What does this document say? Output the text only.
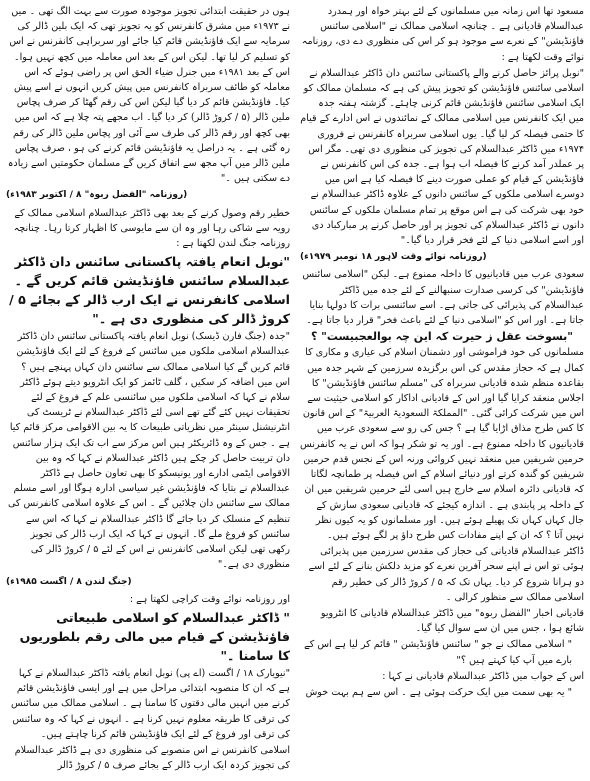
مسعود تھا اس زمانہ میں مسلمانوں کے لئے بہتر خواہ اور ہمدرد عبدالسلام قادیانی ہے ۔ چنانچہ اسلامی ممالک نے "اسلامی سائنس فاؤنڈیشن" کے نعرے سے موجود ہو کر اس کی منظوری دے دی، روزنامہ نوائے وقت لکھتا ہے :

"نوبل پرائز حاصل کرنے والے پاکستانی سائنس دان ڈاکٹر عبدالسلام نے اسلامی سائنس فاؤنڈیشن کو تجویز پیش کی ہے کہ مسلمان ممالک کو ایک اسلامی سائنس فاؤنڈیشن قائم کرنی چاہئے۔ گزشتہ ہفتہ جدہ میں ایک کانفرنس میں اسلامی ممالک کے نمائندوں نے اس ادارے کے قیام کا حتمی فیصلہ کر لیا گیا۔ یوں اسلامی سربراہ کانفرنس نے فروری ۱۹۷۴ء میں ڈاکٹر عبدالسلام کی تجویز کی منظوری دی تھی۔ مگر اس پر عملدر آمد کرنے کا فیصلہ اب ہوا ہے۔ جدہ کی اس کانفرنس نے فاؤنڈیشن کے قیام کو عملی صورت دینے کا فیصلہ کیا ہے اس میں دوسرے اسلامی ملکوں کے سائنس دانوں کے علاوہ ڈاکٹر عبدالسلام نے خود بھی شرکت کی ہے اس موقع پر تمام مسلمان ملکوں کے سائنس دانوں نے ڈاکٹر عبدالسلام کی تجویز پر اور حاصل کرنے پر مبارکباد دی اور اسے اسلامی دنیا کے لئے فخر قرار دیا گیا۔"

(روزنامہ نوائے وقت لاہور ۱۸ نومبر ۱۹۷۹ء)

سعودی عرب میں قادیانیوں کا داخلہ ممنوع ہے۔ لیکن "اسلامی سائنس فاؤنڈیشن" کی کرسی صدارت سنبھالنے کے لئے جدہ میں ڈاکٹر عبدالسلام کی پذیرائی کی جاتی ہے۔ اسے سائنسی برات کا دولہا بنایا جاتا ہے۔ اور اس کو "اسلامی دنیا کے لئے باعث فخر" قرار دیا جاتا ہے۔

"بسوخت عقل ز حیرت کہ این چہ بوالعجبیست" ؟

مسلمانوں کی خود فراموشی اور دشمنان اسلام کی عیاری و مکاری کا کمال ہے کہ حجاز مقدس کی اس برگزیدہ سرزمین کے شہر جدہ میں بقاعدہ منظم شدہ قادیانی سربراہ کی "مسلم سائنس فاؤنڈیشن" کا اجلاس منعقد کرایا گیا اور اس کے قادیانی اداکار کو اسلامی حیثیت سے اس میں شرکت کرائی گئی۔ "المملکۃ السعودیۃ العربیۃ" کے اس قانون کا کس طرح مذاق اڑایا گیا ہے ؟ جس کی رو سے سعودی عرب میں قادیانیوں کا داخلہ ممنوع ہے۔ اور یہ تو شکر ہوا کہ اس نے یہ کانفرنس حرمین شریفین میں منعقد نہیں کروائی ورنہ اس کے نجس قدم حرمین شریفین کو گندہ کرتے اور دنیائے اسلام کے اس فیصلہ پر طمانچہ لگاتا کہ قادیانی دائرہ اسلام سے خارج ہیں اسی لئے حرمین شریفین میں ان کے داخلہ پر پابندی ہے ۔ اندازہ کیجئے کہ قادیانی سعودی سازش کے جال کہاں کہاں تک پھیلے ہوئے ہیں۔ اور مسلمانوں کو یہ کیوں نظر نہیں آتا ؟ کہ ان کے اپنے مفادات کس طرح داؤ پر لگے ہوئے ہیں۔

ڈاکٹر عبدالسلام قادیانی کی حجاز کی مقدس سرزمین میں پذیرائی ہوئی تو اس نے اپنے سحر آفرین نعرے کو مزید دلکش بنانے کے لئے اسے دو ہرانا شروع کر دیا۔ یہاں تک کہ ۵ / کروڑ ڈالر کی خطیر رقم اسلامی ممالک سے منظور کرالی ۔

قادیانی اخبار "الفضل ربوہ" میں ڈاکٹر عبدالسلام قادیانی کا انٹرویو شائع ہوا ، جس میں ان سے سوال کیا گیا۔

" اسلامی ممالک نے جو " سائنس فاؤنڈیشن " قائم کر لیا ہے اس کے بارے میں آپ کیا کہتے ہیں ؟"

اس کے جواب میں ڈاکٹر عبدالسلام قادیانی نے کہا :

" یہ بھی سمت میں ایک حرکت ہوئی ہے ۔ اس سے ہم بہت خوش

ہوں در حقیقت ابتدائی تجویز موجودہ صورت سے بہت الگ تھی ۔ میں نے ۱۹۷۳ء میں مشرق کانفرنس کو یہ تجویز تھی کہ ایک بلین ڈالر کی سرمایہ سے ایک فاؤنڈیشن قائم کیا جائے اور سربراہی کانفرنس نے اس کو تسلیم کر لیا تھا۔ لیکن اس کے بعد اس معاملہ میں کچھ نہیں ہوا۔ اس کے بعد ۱۹۸۱ء میں جنرل ضیاء الحق اس پر راضی ہوئے کہ اس معاملہ کو طائف سربراہ کانفرنس میں پیش کریں انہوں نے اسے پیش کیا۔ فاؤنڈیشن قائم کر دیا گیا لیکن اس کی رقم گھٹا کر صرف پچاس ملین ڈالر (۵ / کروڑ ڈالر) کر دیا گیا۔ اب مجھے پتہ چلا ہے کہ اس میں بھی کچھ اور رقم ڈالر کی طرف سے آئی اور پچاس ملین ڈالر کی رقم رہ گئی ہے ۔ یہ دراصل یہ فاؤنڈیشن قائم کرنے کی ہو ، صرف پچاس ملین ڈالر میں آپ مجھ سے اتفاق کریں گے مسلمان حکومتیں اسے زیادہ دے سکتی ہیں ۔"

(روزنامہ "الفضل ربوہ" ۸ / اکتوبر ۱۹۸۳ء)

خطیر رقم وصول کرنے کے بعد بھی ڈاکٹر عبدالسلام اسلامی ممالک کے رویہ سے شاکی رہا اور وہ ان سے مایوسی کا اظہار کرتا رہا۔ چنانچہ روزنامہ جنگ لندن لکھتا ہے :

"نوبل انعام یافتہ پاکستانی سائنس دان ڈاکٹر عبدالسلام سائنس فاؤنڈیشن قائم کریں گے ۔ اسلامی کانفرنس نے ایک ارب ڈالر کے بجائے ۵ / کروڑ ڈالر کی منظوری دی ہے ۔"

"جدہ (جنگ فارن ڈیسک) نوبل انعام یافتہ پاکستانی سائنس دان ڈاکٹر عبدالسلام اسلامی ملکوں میں سائنس کے فروغ کے لئے ایک فاؤنڈیشن قائم کریں گے کیا اسلامی ممالک سے سائنس دان کہاں پہنچے ہیں ؟ اس میں اضافہ کر سکیں ، گلف ٹائمز کو ایک انٹرویو دیتے ہوئے ڈاکٹر سلام نے کہا کہ اسلامی ملکوں میں سائنسی علم کے فروغ کے لئے تحقیقات نہیں کئے گئے تھے اسی لئے ڈاکٹر عبدالسلام نے ٹریسٹ کی انٹرنیشنل سینٹر میں نظریاتی طبیعات کا یہ بین الاقوامی مرکز قائم کیا ہے ۔ جس کے وہ ڈائریکٹر ہیں اس مرکز سے اب تک ایک ہزار سائنس دان تربیت حاصل کر چکے ہیں ڈاکٹر عبدالسلام نے کہا کہ وہ بین الاقوامی ایٹمی ادارے اور یونیسکو کا بھی تعاون حاصل ہے ڈاکٹر عبدالسلام نے بتایا کہ فاؤنڈیشن غیر سیاسی ادارہ ہوگا اور اسے مسلم ممالک سے سائنس دان چلائیں گے ۔ اس کے علاوہ اسلامی کانفرنس کی تنظیم کے منسلک کر دیا جائے گا ڈاکٹر عبدالسلام نے کہا کہ اس سے سائنس کو فروغ ملے گا۔ انہوں نے کہا کہ ایک ارب ڈالر کی تجویز رکھی تھی لیکن اسلامی کانفرنس نے اس کے لئے ۵ / کروڑ ڈالر کی منظوری دی ہے۔"

(جنگ لندن ۸ / اگست ۱۹۸۵ء)

اور روزنامہ نوائے وقت کراچی لکھتا ہے :

" ڈاکٹر عبدالسلام کو اسلامی طبیعاتی فاؤنڈیشن کے قیام میں مالی رقم بلطوریوں کا سامنا ۔"

"نیویارک ۱۸ / اگست (اے پی) نوبل انعام یافتہ ڈاکٹر عبدالسلام نے کہا ہے کہ ان کا منصوبہ ابتدائی مراحل میں ہے اور ایسی فاؤنڈیشن قائم کرنے میں انہیں مالی دقتوں کا سامنا ہے ۔ اسلامی ممالک میں سائنس کی ترقی کا طریقہ معلوم نہیں کرنا ہے ۔ انہوں نے کہا کہ وہ سائنس کی ترقی اور فروغ کے لئے ایک فاؤنڈیشن قائم کرنا چاہتے ہیں۔

اسلامی کانفرنس نے اس منصوبے کی منظوری دی ہے ڈاکٹر عبدالسلام کی تجویز کردہ ایک ارب ڈالر کے بجائے صرف ۵ / کروڑ ڈالر
